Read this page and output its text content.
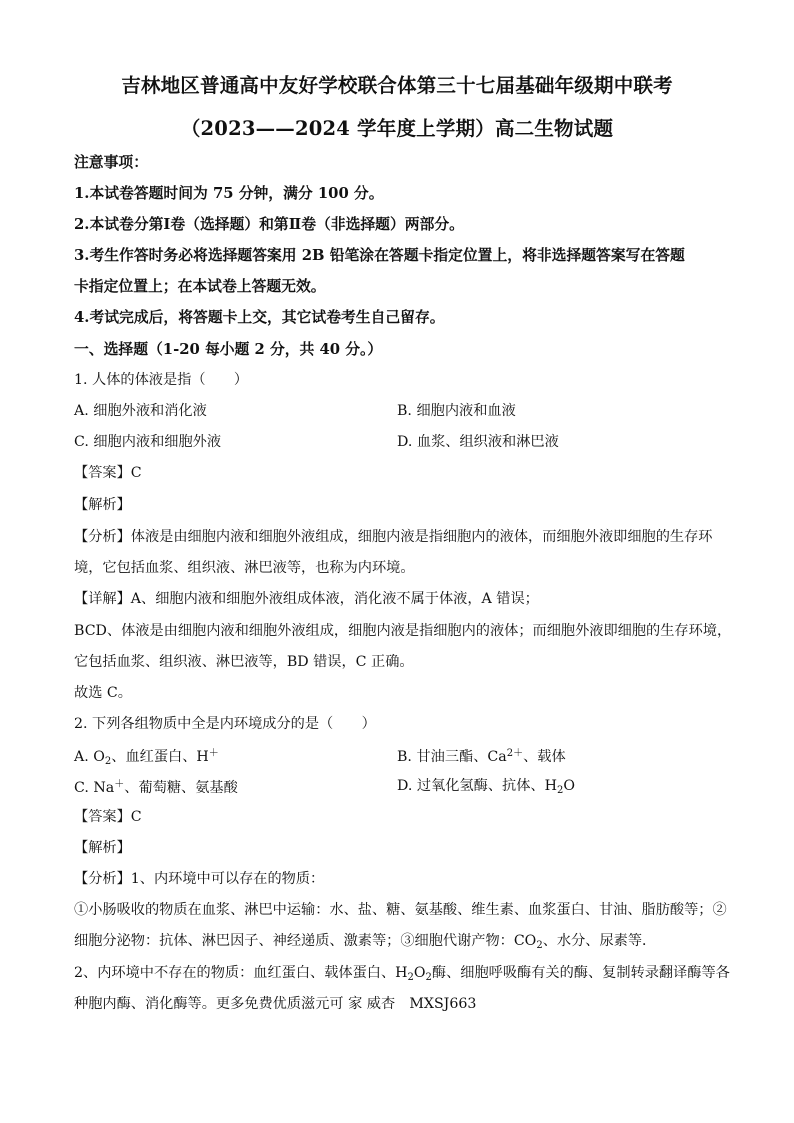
吉林地区普通高中友好学校联合体第三十七届基础年级期中联考
（2023——2024 学年度上学期）高二生物试题
注意事项：
1.本试卷答题时间为 75 分钟，满分 100 分。
2.本试卷分第Ⅰ卷（选择题）和第Ⅱ卷（非选择题）两部分。
3.考生作答时务必将选择题答案用 2B 铅笔涂在答题卡指定位置上，将非选择题答案写在答题
卡指定位置上；在本试卷上答题无效。
4.考试完成后，将答题卡上交，其它试卷考生自己留存。
一、选择题（1-20 每小题 2 分，共 40 分。）
1. 人体的体液是指（　　）
A. 细胞外液和消化液	B. 细胞内液和血液
C. 细胞内液和细胞外液	D. 血浆、组织液和淋巴液
【答案】C
【解析】
【分析】体液是由细胞内液和细胞外液组成，细胞内液是指细胞内的液体，而细胞外液即细胞的生存环
境，它包括血浆、组织液、淋巴液等，也称为内环境。
【详解】A、细胞内液和细胞外液组成体液，消化液不属于体液，A 错误；
BCD、体液是由细胞内液和细胞外液组成，细胞内液是指细胞内的液体；而细胞外液即细胞的生存环境，
它包括血浆、组织液、淋巴液等，BD 错误，C 正确。
故选 C。
2. 下列各组物质中全是内环境成分的是（　　）
A. $O_2$、血红蛋白、H＋	B. 甘油三酯、$Ca^{2+}$、载体
C. Na＋、葡萄糖、氨基酸	D. 过氧化氢酶、抗体、$H_2O$
【答案】C
【解析】
【分析】1、内环境中可以存在的物质：
①小肠吸收的物质在血浆、淋巴中运输：水、盐、糖、氨基酸、维生素、血浆蛋白、甘油、脂肪酸等；②
细胞分泌物：抗体、淋巴因子、神经递质、激素等；③细胞代谢产物：$CO_2$、水分、尿素等．
2、内环境中不存在的物质：血红蛋白、载体蛋白、$H_2O_2$酶、细胞呼吸酶有关的酶、复制转录翻译酶等各
种胞内酶、消化酶等。更多免费优质滋元可 家 威杏　MXSJ663
